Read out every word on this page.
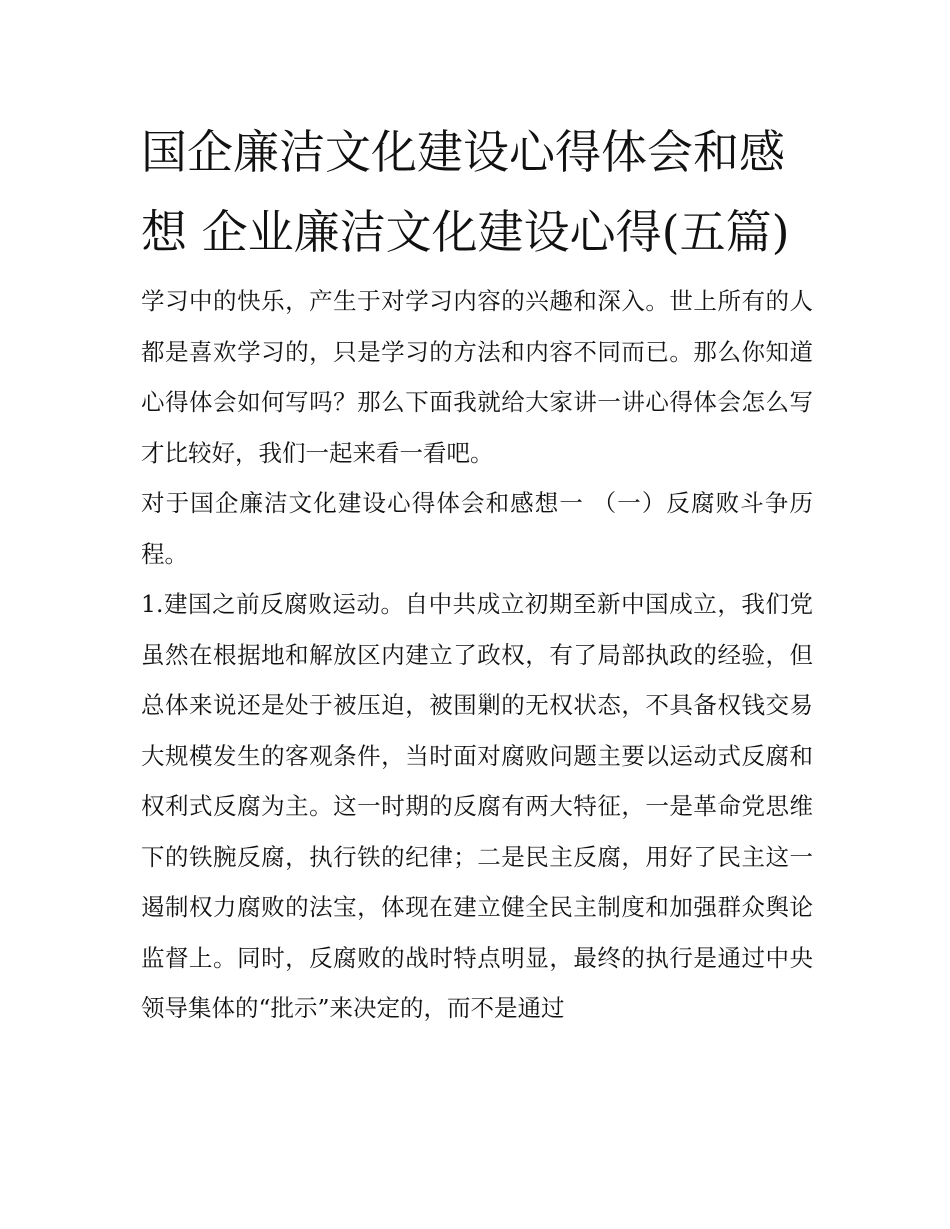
国企廉洁文化建设心得体会和感想 企业廉洁文化建设心得(五篇)

学习中的快乐，产生于对学习内容的兴趣和深入。世上所有的人都是喜欢学习的，只是学习的方法和内容不同而已。那么你知道心得体会如何写吗？那么下面我就给大家讲一讲心得体会怎么写才比较好，我们一起来看一看吧。

对于国企廉洁文化建设心得体会和感想一 （一）反腐败斗争历程。

1.建国之前反腐败运动。自中共成立初期至新中国成立，我们党虽然在根据地和解放区内建立了政权，有了局部执政的经验，但总体来说还是处于被压迫，被围剿的无权状态，不具备权钱交易大规模发生的客观条件，当时面对腐败问题主要以运动式反腐和权利式反腐为主。这一时期的反腐有两大特征，一是革命党思维下的铁腕反腐，执行铁的纪律；二是民主反腐，用好了民主这一遏制权力腐败的法宝，体现在建立健全民主制度和加强群众舆论监督上。同时，反腐败的战时特点明显，最终的执行是通过中央领导集体的“批示”来决定的，而不是通过
